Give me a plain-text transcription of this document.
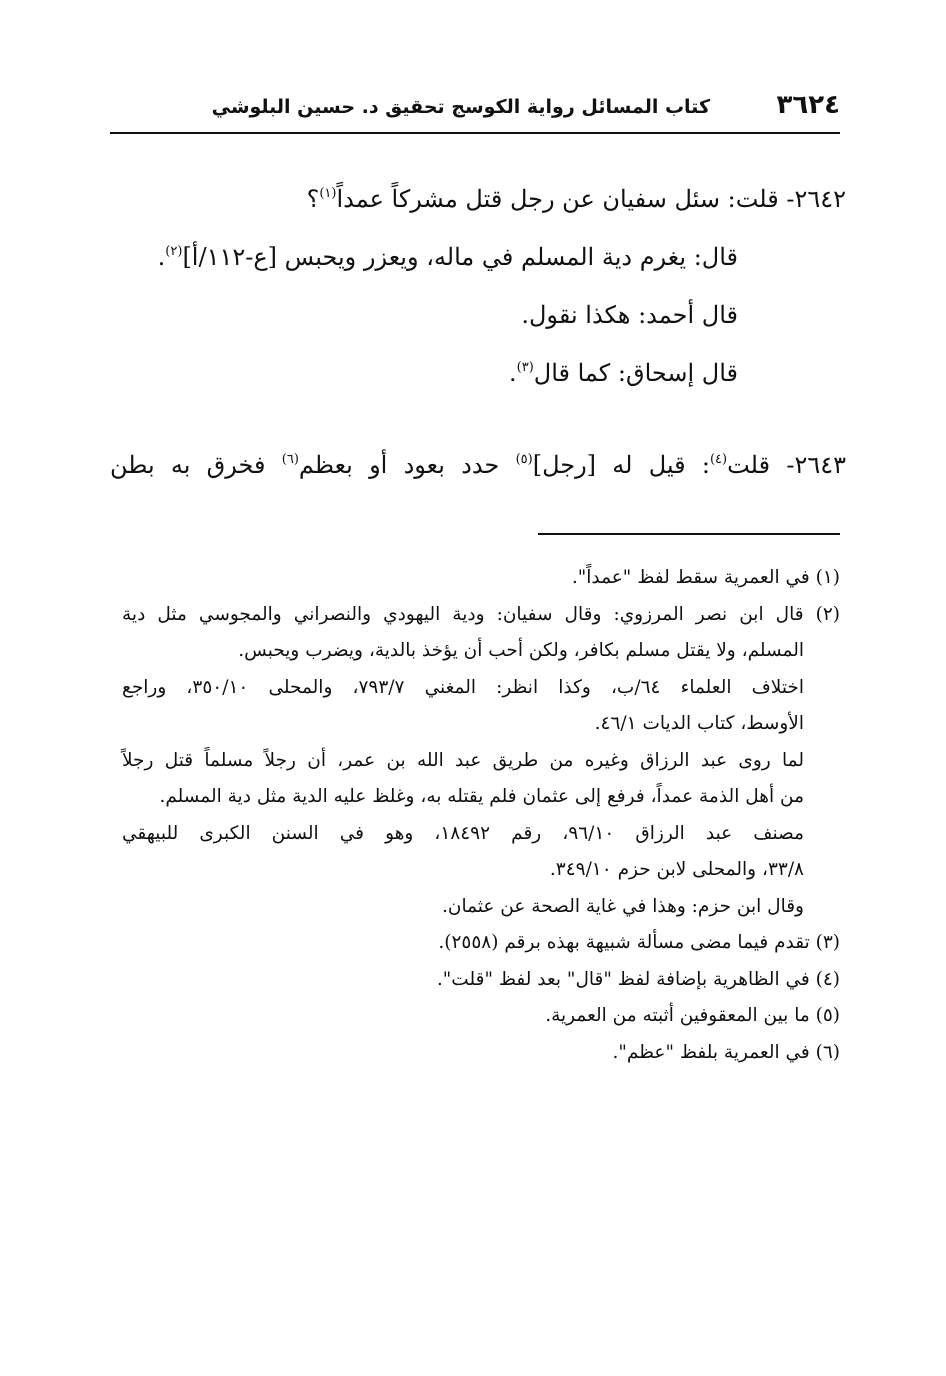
٣٦٢٤
كتاب المسائل رواية الكوسج تحقيق د. حسين البلوشي

٢٦٤٢- قلت: سئل سفيان عن رجل قتل مشركاً عمداً$^{(١)}$؟

قال: يغرم دية المسلم في ماله، ويعزر ويحبس [ع-١١٢/أ]$^{(٢)}$.

قال أحمد: هكذا نقول.

قال إسحاق: كما قال$^{(٣)}$.

٢٦٤٣- قلت$^{(٤)}$: قيل له [رجل]$^{(٥)}$ حدد بعود أو بعظم$^{(٦)}$ فخرق به بطن

(١) في العمرية سقط لفظ "عمداً".

(٢) قال ابن نصر المرزوي: وقال سفيان: ودية اليهودي والنصراني والمجوسي مثل دية

المسلم، ولا يقتل مسلم بكافر، ولكن أحب أن يؤخذ بالدية، ويضرب ويحبس.

اختلاف العلماء ٦٤/ب، وكذا انظر: المغني ٧٩٣/٧، والمحلى ٣٥٠/١٠، وراجع

الأوسط، كتاب الديات ٤٦/١.

لما روى عبد الرزاق وغيره من طريق عبد الله بن عمر، أن رجلاً مسلماً قتل رجلاً

من أهل الذمة عمداً، فرفع إلى عثمان فلم يقتله به، وغلظ عليه الدية مثل دية المسلم.

مصنف عبد الرزاق ٩٦/١٠، رقم ١٨٤٩٢، وهو في السنن الكبرى للبيهقي

٣٣/٨، والمحلى لابن حزم ٣٤٩/١٠.

وقال ابن حزم: وهذا في غاية الصحة عن عثمان.

(٣) تقدم فيما مضى مسألة شبيهة بهذه برقم (٢٥٥٨).

(٤) في الظاهرية بإضافة لفظ "قال" بعد لفظ "قلت".

(٥) ما بين المعقوفين أثبته من العمرية.

(٦) في العمرية بلفظ "عظم".
